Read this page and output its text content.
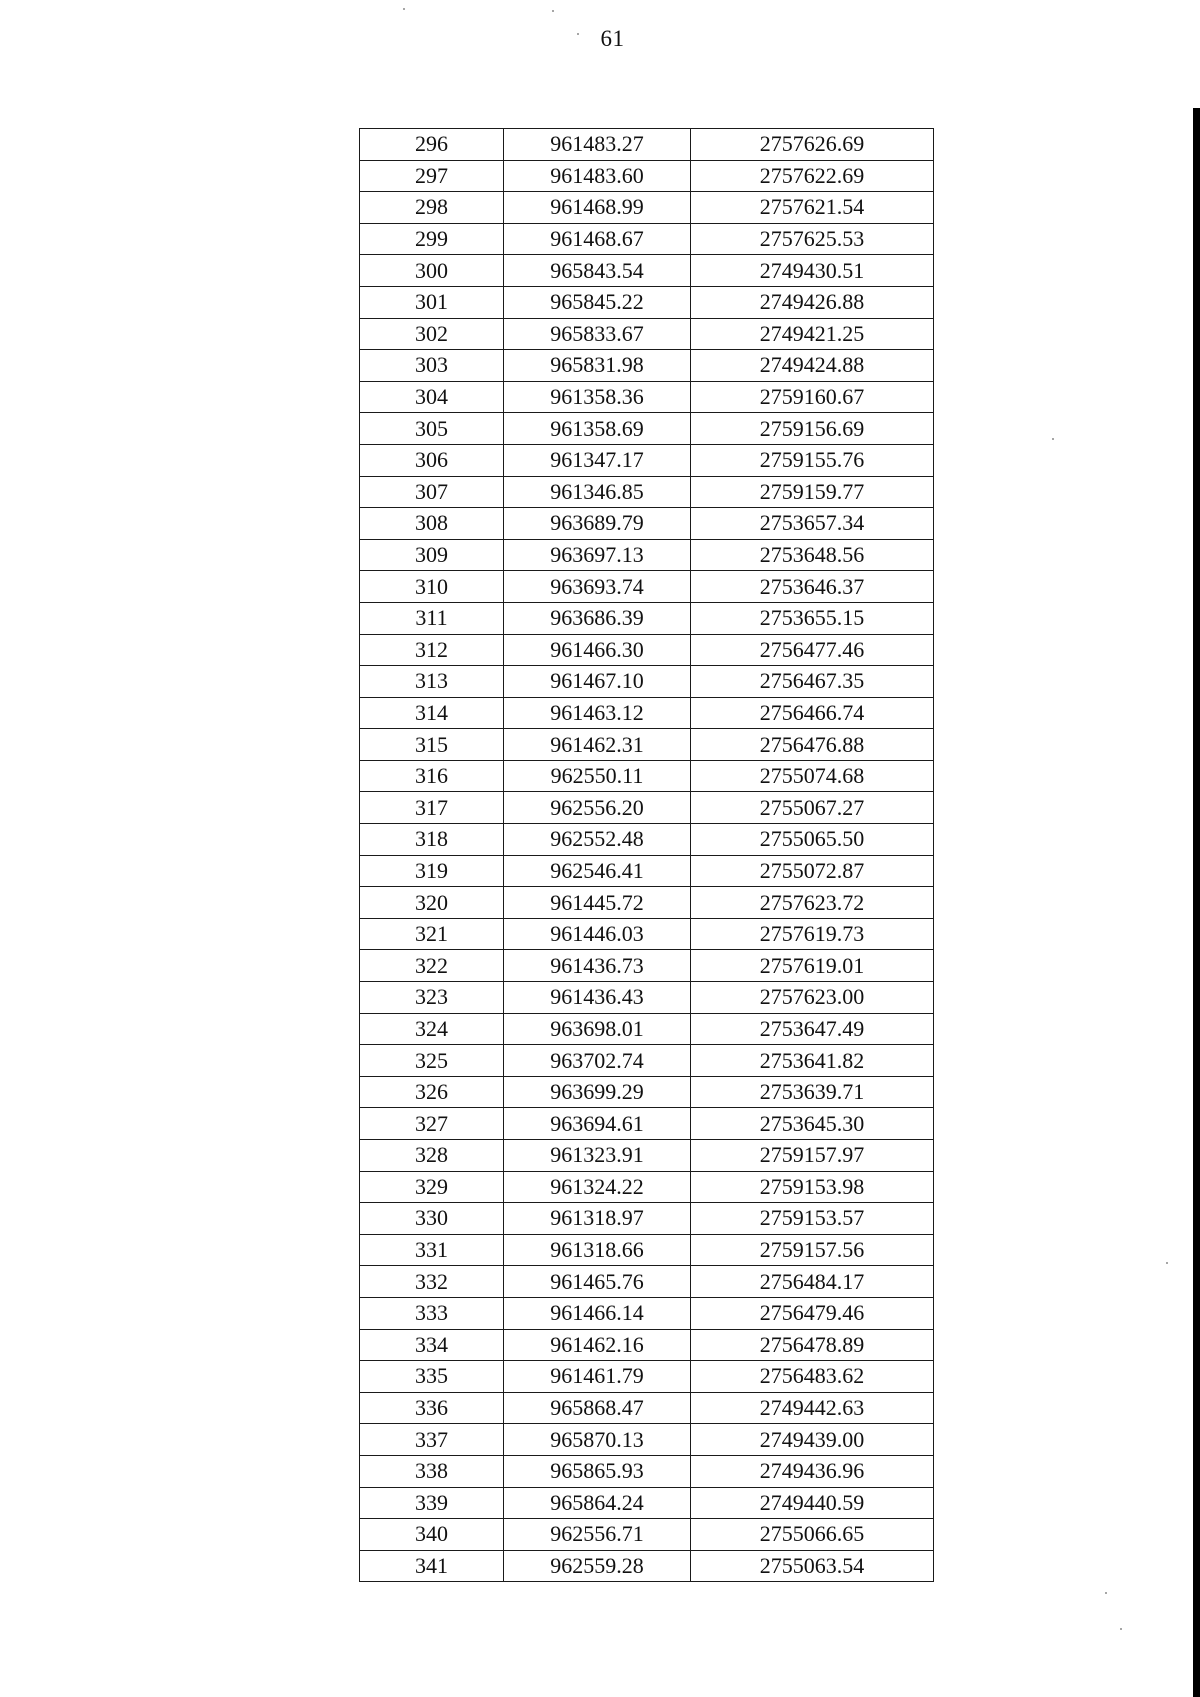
61
296	961483.27	2757626.69
297	961483.60	2757622.69
298	961468.99	2757621.54
299	961468.67	2757625.53
300	965843.54	2749430.51
301	965845.22	2749426.88
302	965833.67	2749421.25
303	965831.98	2749424.88
304	961358.36	2759160.67
305	961358.69	2759156.69
306	961347.17	2759155.76
307	961346.85	2759159.77
308	963689.79	2753657.34
309	963697.13	2753648.56
310	963693.74	2753646.37
311	963686.39	2753655.15
312	961466.30	2756477.46
313	961467.10	2756467.35
314	961463.12	2756466.74
315	961462.31	2756476.88
316	962550.11	2755074.68
317	962556.20	2755067.27
318	962552.48	2755065.50
319	962546.41	2755072.87
320	961445.72	2757623.72
321	961446.03	2757619.73
322	961436.73	2757619.01
323	961436.43	2757623.00
324	963698.01	2753647.49
325	963702.74	2753641.82
326	963699.29	2753639.71
327	963694.61	2753645.30
328	961323.91	2759157.97
329	961324.22	2759153.98
330	961318.97	2759153.57
331	961318.66	2759157.56
332	961465.76	2756484.17
333	961466.14	2756479.46
334	961462.16	2756478.89
335	961461.79	2756483.62
336	965868.47	2749442.63
337	965870.13	2749439.00
338	965865.93	2749436.96
339	965864.24	2749440.59
340	962556.71	2755066.65
341	962559.28	2755063.54
